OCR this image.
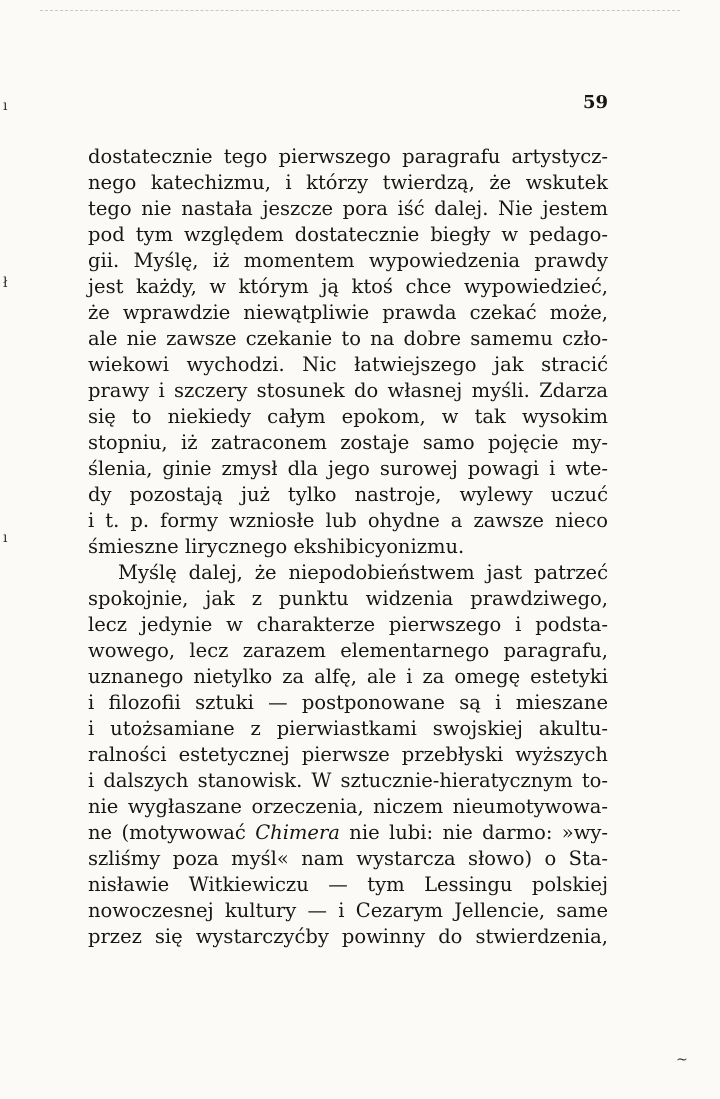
ı
ł
ı
~
59
dostatecznie tego pierwszego paragrafu artystycz-
nego katechizmu, i którzy twierdzą, że wskutek
tego nie nastała jeszcze pora iść dalej. Nie jestem
pod tym względem dostatecznie biegły w pedago-
gii. Myślę, iż momentem wypowiedzenia prawdy
jest każdy, w którym ją ktoś chce wypowiedzieć,
że wprawdzie niewątpliwie prawda czekać może,
ale nie zawsze czekanie to na dobre samemu czło-
wiekowi wychodzi. Nic łatwiejszego jak stracić
prawy i szczery stosunek do własnej myśli. Zdarza
się to niekiedy całym epokom, w tak wysokim
stopniu, iż zatraconem zostaje samo pojęcie my-
ślenia, ginie zmysł dla jego surowej powagi i wte-
dy pozostają już tylko nastroje, wylewy uczuć
i t. p. formy wzniosłe lub ohydne a zawsze nieco
śmieszne lirycznego ekshibicyonizmu.
Myślę dalej, że niepodobieństwem jast patrzeć
spokojnie, jak z punktu widzenia prawdziwego,
lecz jedynie w charakterze pierwszego i podsta-
wowego, lecz zarazem elementarnego paragrafu,
uznanego nietylko za alfę, ale i za omegę estetyki
i filozofii sztuki — postponowane są i mieszane
i utożsamiane z pierwiastkami swojskiej akultu-
ralności estetycznej pierwsze przebłyski wyższych
i dalszych stanowisk. W sztucznie-hieratycznym to-
nie wygłaszane orzeczenia, niczem nieumotywowa-
ne (motywować Chimera nie lubi: nie darmo: »wy-
szliśmy poza myśl« nam wystarcza słowo) o Sta-
nisławie Witkiewiczu — tym Lessingu polskiej
nowoczesnej kultury — i Cezarym Jellencie, same
przez się wystarczyćby powinny do stwierdzenia,
